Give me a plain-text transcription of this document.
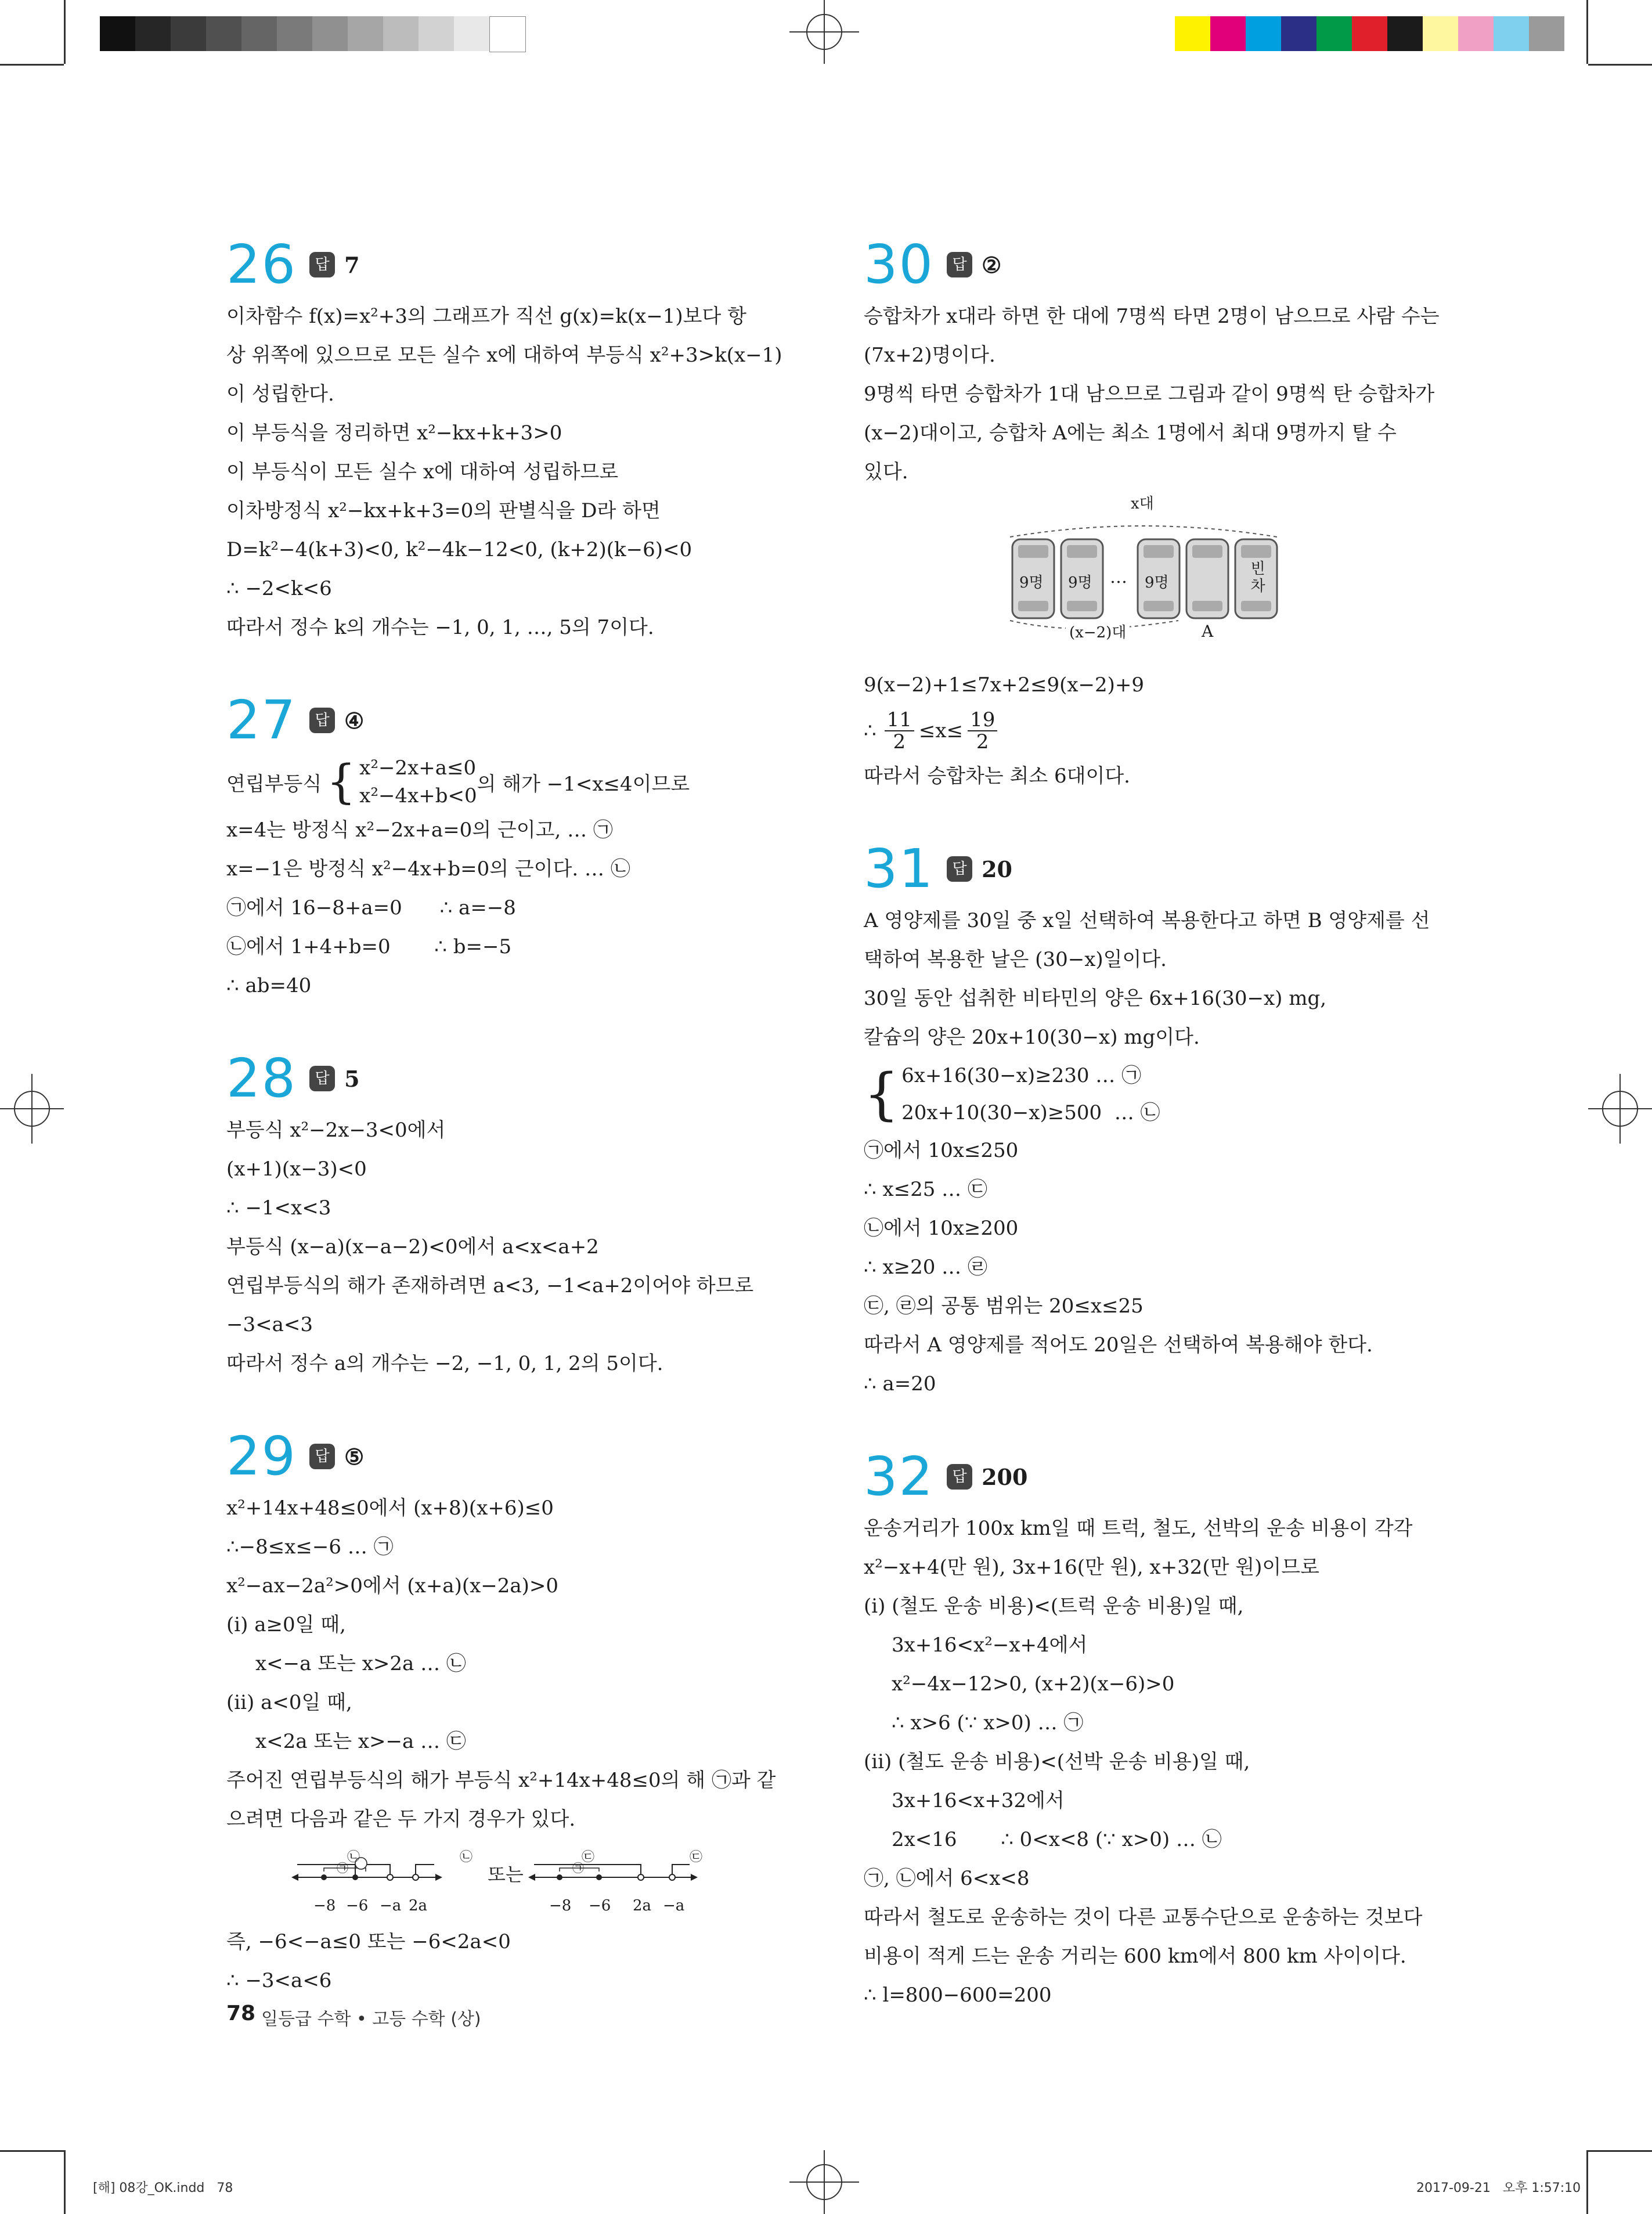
26	답 7
이차함수 f(x)=x²+3의 그래프가 직선 g(x)=k(x−1)보다 항
상 위쪽에 있으므로 모든 실수 x에 대하여 부등식 x²+3>k(x−1)
이 성립한다.
이 부등식을 정리하면 x²−kx+k+3>0
이 부등식이 모든 실수 x에 대하여 성립하므로
이차방정식 x²−kx+k+3=0의 판별식을 D라 하면
D=k²−4(k+3)<0, k²−4k−12<0, (k+2)(k−6)<0
∴ −2<k<6
따라서 정수 k의 개수는 −1, 0, 1, …, 5의 7이다.
27	답 ④
연립부등식 { x²−2x+a≤0
x²−4x+b<0
의 해가 −1<x≤4이므로
x=4는 방정식 x²−2x+a=0의 근이고, … ㉠
x=−1은 방정식 x²−4x+b=0의 근이다. … ㉡
㉠에서 16−8+a=0      ∴ a=−8
㉡에서 1+4+b=0       ∴ b=−5
∴ ab=40
28	답 5
부등식 x²−2x−3<0에서
(x+1)(x−3)<0
∴ −1<x<3
부등식 (x−a)(x−a−2)<0에서 a<x<a+2
연립부등식의 해가 존재하려면 a<3, −1<a+2이어야 하므로
−3<a<3
따라서 정수 a의 개수는 −2, −1, 0, 1, 2의 5이다.
29	답 ⑤
x²+14x+48≤0에서 (x+8)(x+6)≤0
∴−8≤x≤−6 … ㉠
x²−ax−2a²>0에서 (x+a)(x−2a)>0
(ⅰ) a≥0일 때,
x<−a 또는 x>2a … ㉡
(ⅱ) a<0일 때,
x<2a 또는 x>−a … ㉢
주어진 연립부등식의 해가 부등식 x²+14x+48≤0의 해 ㉠과 같
으려면 다음과 같은 두 가지 경우가 있다.
㉡
㉠
㉡	㉢
㉠
㉢
또는
−8 −6 −a 2a	−8 −6 2a −a
즉, −6<−a≤0 또는 −6<2a<0
∴ −3<a<6
30	답 ②
승합차가 x대라 하면 한 대에 7명씩 타면 2명이 남으므로 사람 수는
(7x+2)명이다.
9명씩 타면 승합차가 1대 남으므로 그림과 같이 9명씩 탄 승합차가
(x−2)대이고, 승합차 A에는 최소 1명에서 최대 9명까지 탈 수
있다.
x대
9명 9명 … 9명
빈
차
(x−2)대	A
9(x−2)+1≤7x+2≤9(x−2)+9
∴ $\frac{11}{2} \le x\le \frac{19}{2}$
따라서 승합차는 최소 6대이다.
31	답 20
A 영양제를 30일 중 x일 선택하여 복용한다고 하면 B 영양제를 선
택하여 복용한 날은 (30−x)일이다.
30일 동안 섭취한 비타민의 양은 6x+16(30−x) mg,
칼슘의 양은 20x+10(30−x) mg이다.
{ 6x+16(30−x)≥230 … ㉠
20x+10(30−x)≥500  … ㉡
㉠에서 10x≤250
∴ x≤25 … ㉢
㉡에서 10x≥200
∴ x≥20 … ㉣
㉢, ㉣의 공통 범위는 20≤x≤25
따라서 A 영양제를 적어도 20일은 선택하여 복용해야 한다.
∴ a=20
32	답 200
운송거리가 100x km일 때 트럭, 철도, 선박의 운송 비용이 각각
x²−x+4(만 원), 3x+16(만 원), x+32(만 원)이므로
(ⅰ) (철도 운송 비용)<(트럭 운송 비용)일 때,
3x+16<x²−x+4에서
x²−4x−12>0, (x+2)(x−6)>0
∴ x>6 (∵ x>0) … ㉠
(ⅱ) (철도 운송 비용)<(선박 운송 비용)일 때,
3x+16<x+32에서
2x<16       ∴ 0<x<8 (∵ x>0) … ㉡
㉠, ㉡에서 6<x<8
따라서 철도로 운송하는 것이 다른 교통수단으로 운송하는 것보다
비용이 적게 드는 운송 거리는 600 km에서 800 km 사이이다.
∴ l=800−600=200
78 일등급 수학 • 고등 수학 (상)
[해] 08강_OK.indd   78	2017-09-21   오후 1:57:10
